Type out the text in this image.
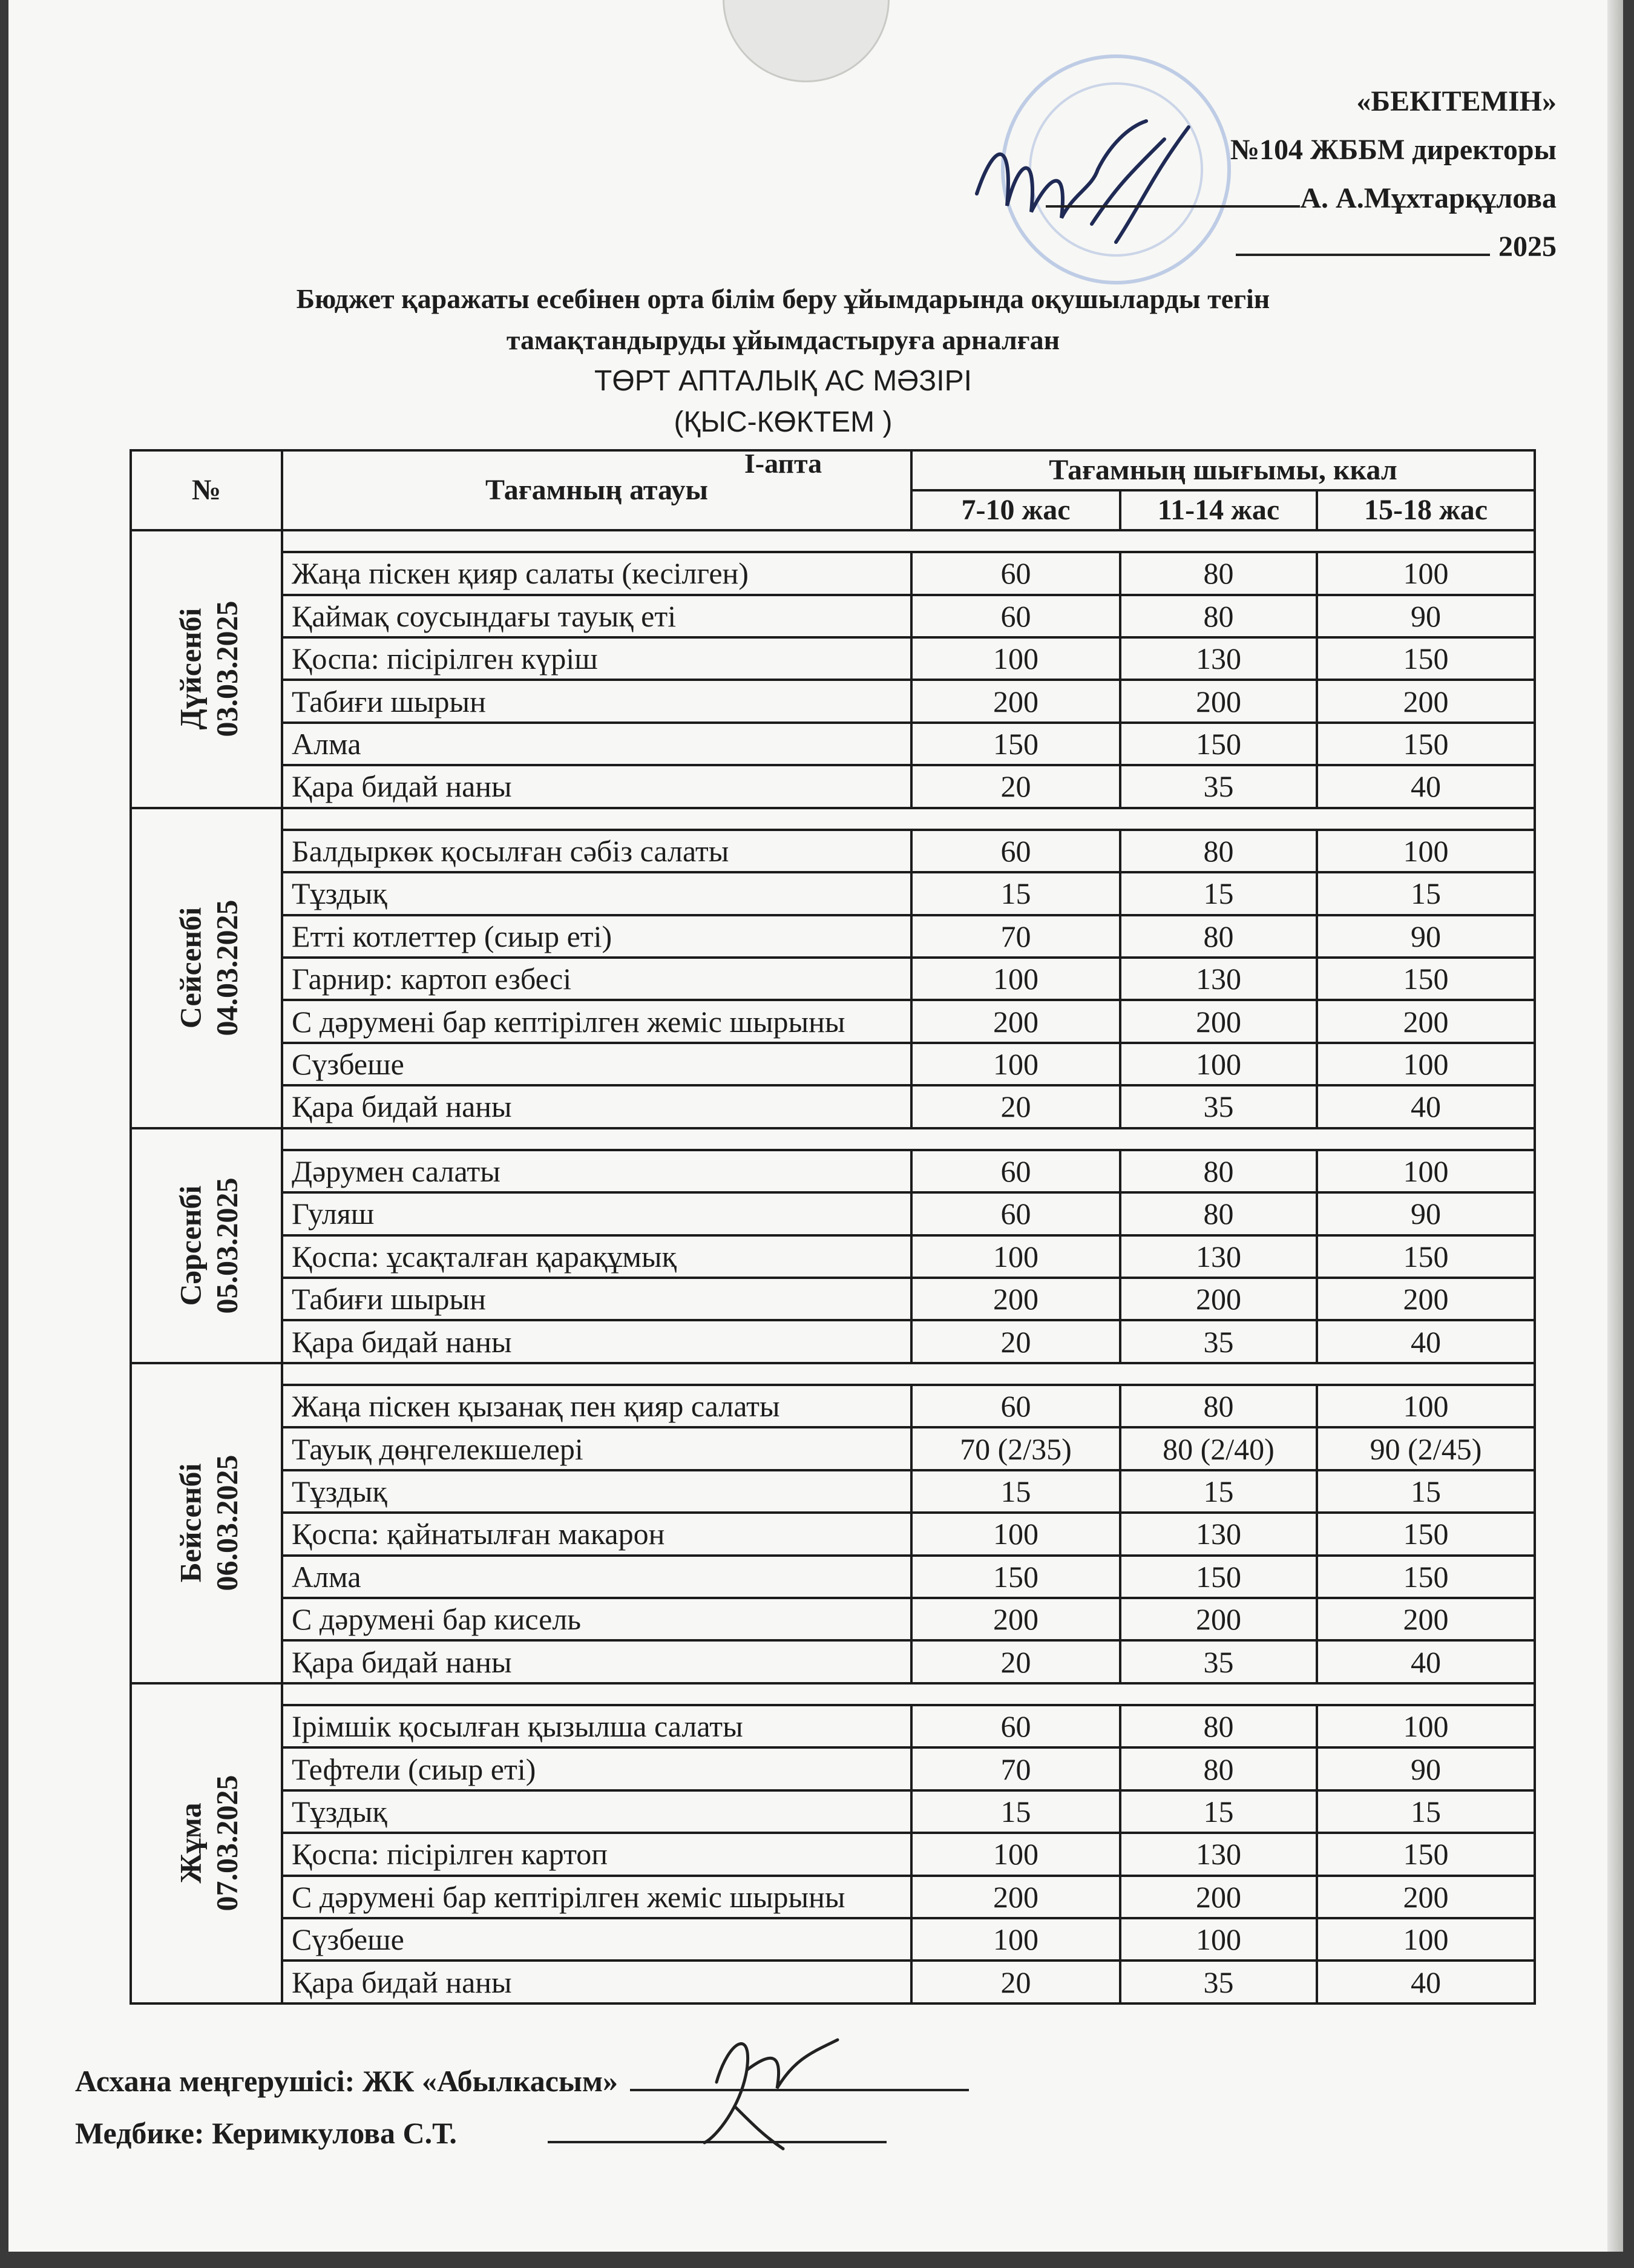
«БЕКІТЕМІН»
№104 ЖББМ директоры
А. А.Мұхтарқұлова
2025
Бюджет қаражаты есебінен орта білім беру ұйымдарында оқушыларды тегін
тамақтандыруды ұйымдастыруға арналған
ТӨРТ АПТАЛЫҚ АС МӘЗІРІ
(ҚЫС-КӨКТЕМ )
І-апта
№	Тағамның атауы	Тағамның шығымы, ккал		
		7-10 жас	11-14 жас	15-18 жас

Дүйсенбі 03.03.2025				

	Жаңа піскен қияр салаты (кесілген)	60	80	100
	Қаймақ соусындағы тауық еті	60	80	90
	Қоспа: пісірілген күріш	100	130	150
	Табиғи шырын	200	200	200
	Алма	150	150	150
	Қара бидай наны	20	35	40

Сейсенбі 04.03.2025				

	Балдыркөк қосылған сәбіз салаты	60	80	100
	Тұздық	15	15	15
	Етті котлеттер (сиыр еті)	70	80	90
	Гарнир: картоп езбесі	100	130	150
	С дәрумені бар кептірілген жеміс шырыны	200	200	200
	Сүзбеше	100	100	100
	Қара бидай наны	20	35	40

Сәрсенбі 05.03.2025				

	Дәрумен салаты	60	80	100
	Гуляш	60	80	90
	Қоспа: ұсақталған қарақұмық	100	130	150
	Табиғи шырын	200	200	200
	Қара бидай наны	20	35	40

Бейсенбі 06.03.2025				

	Жаңа піскен қызанақ пен қияр салаты	60	80	100
	Тауық дөңгелекшелері	70 (2/35)	80 (2/40)	90 (2/45)
	Тұздық	15	15	15
	Қоспа: қайнатылған макарон	100	130	150
	Алма	150	150	150
	С дәрумені бар кисель	200	200	200
	Қара бидай наны	20	35	40

Жұма 07.03.2025				

	Ірімшік қосылған қызылша салаты	60	80	100
	Тефтели (сиыр еті)	70	80	90
	Тұздық	15	15	15
	Қоспа: пісірілген картоп	100	130	150
	С дәрумені бар кептірілген жеміс шырыны	200	200	200
	Сүзбеше	100	100	100
	Қара бидай наны	20	35	40
Асхана меңгерушісі: ЖК «Абылкасым»
Медбике: Керимкулова С.Т.
